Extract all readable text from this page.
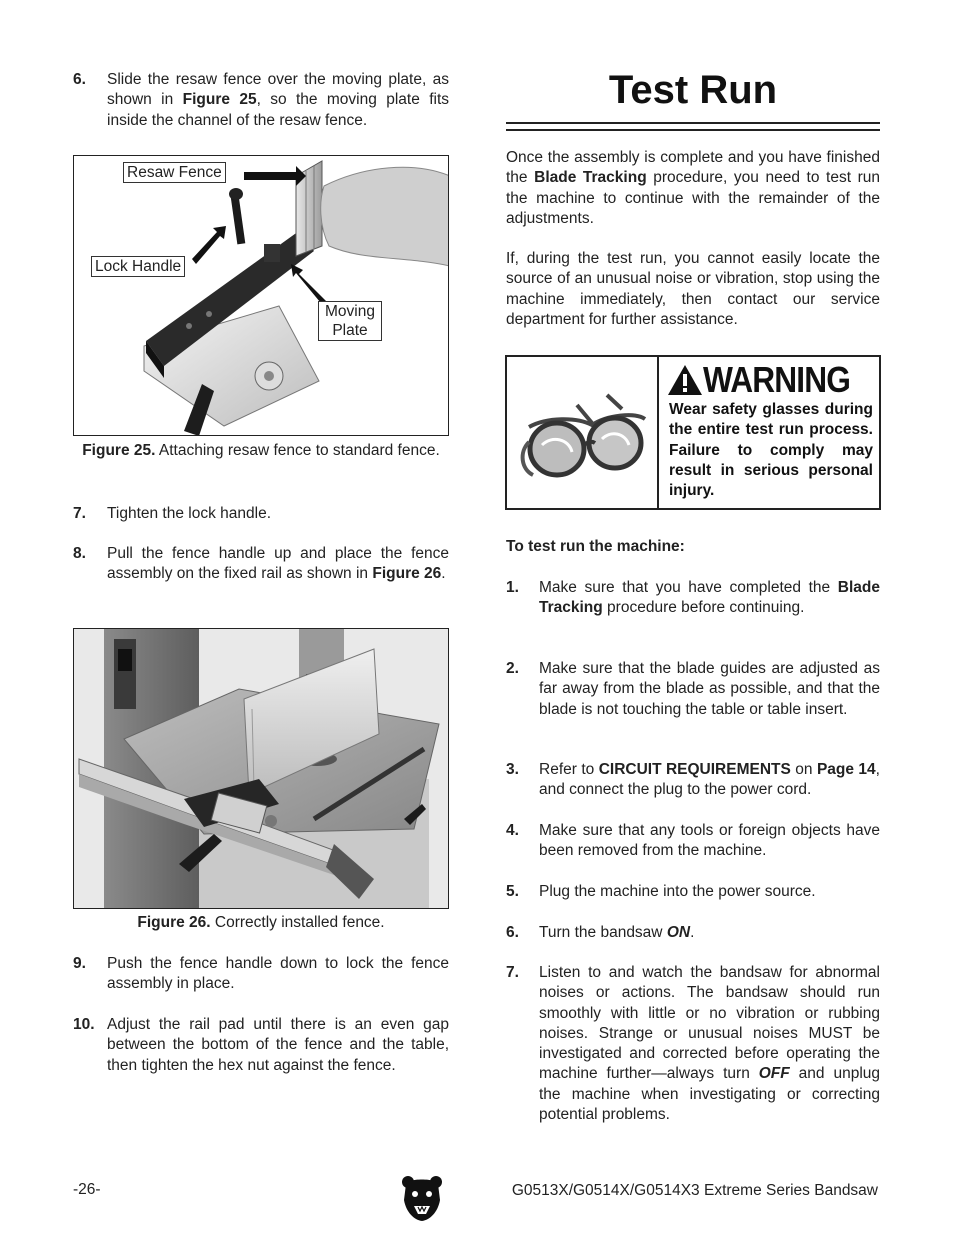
6.	Slide the resaw fence over the moving plate, as shown in Figure 25, so the moving plate fits inside the channel of the resaw fence.
Resaw Fence
Lock Handle
Moving
Plate
Figure 25. Attaching resaw fence to standard fence.
7.	Tighten the lock handle.
8.	Pull the fence handle up and place the fence assembly on the fixed rail as shown in Figure 26.
Figure 26. Correctly installed fence.
9.	Push the fence handle down to lock the fence assembly in place.
10. Adjust the rail pad until there is an even gap between the bottom of the fence and the table, then tighten the hex nut against the fence.
Test Run
Once the assembly is complete and you have finished the Blade Tracking procedure, you need to test run the machine to continue with the remainder of the adjustments.
If, during the test run, you cannot easily locate the source of an unusual noise or vibration, stop using the machine immediately, then contact our service department for further assistance.
WARNING
Wear safety glasses during the entire test run process. Failure to comply may result in serious personal injury.
To test run the machine:
1.	Make sure that you have completed the Blade Tracking procedure before continuing.
2.	Make sure that the blade guides are adjusted as far away from the blade as possible, and that the blade is not touching the table or table insert.
3.	Refer to CIRCUIT REQUIREMENTS on Page 14, and connect the plug to the power cord.
4.	Make sure that any tools or foreign objects have been removed from the machine.
5.	Plug the machine into the power source.
6.	Turn the bandsaw ON.
7.	Listen to and watch the bandsaw for abnormal noises or actions. The bandsaw should run smoothly with little or no vibration or rubbing noises. Strange or unusual noises MUST be investigated and corrected before operating the machine further—always turn OFF and unplug the machine when investigating or correcting potential problems.
-26-	G0513X/G0514X/G0514X3 Extreme Series Bandsaw
